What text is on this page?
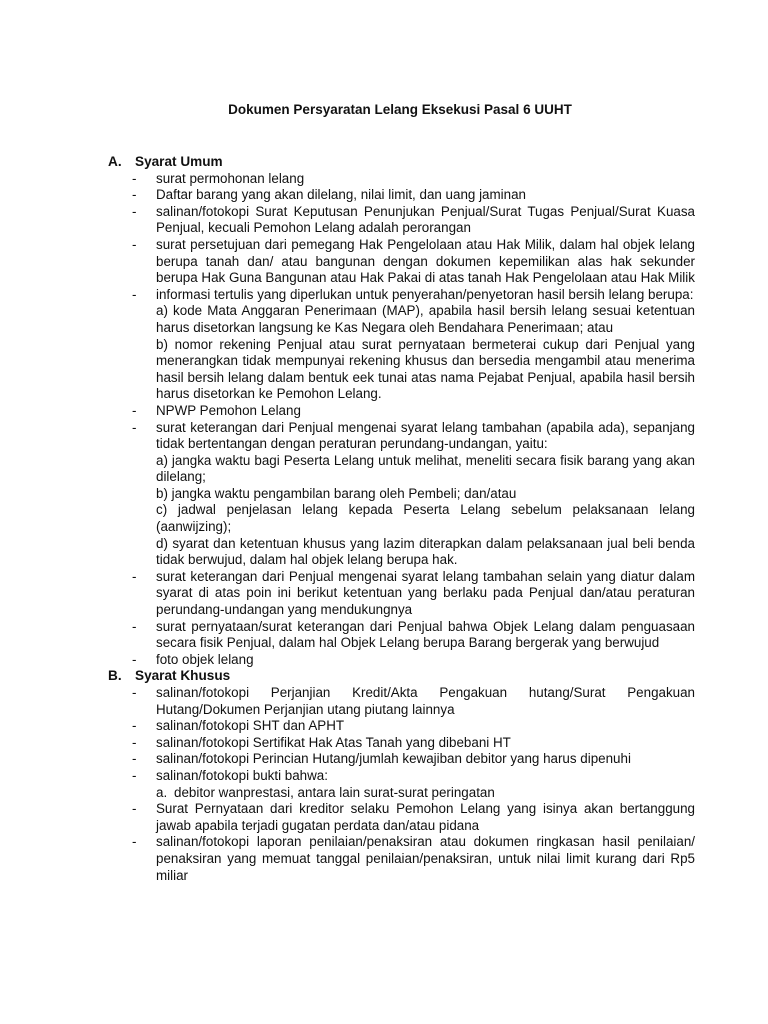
Dokumen Persyaratan Lelang Eksekusi Pasal 6 UUHT
A. Syarat Umum
- surat permohonan lelang
- Daftar barang yang akan dilelang, nilai limit, dan uang jaminan
- salinan/fotokopi Surat Keputusan Penunjukan Penjual/Surat Tugas Penjual/Surat Kuasa Penjual, kecuali Pemohon Lelang adalah perorangan
- surat persetujuan dari pemegang Hak Pengelolaan atau Hak Milik, dalam hal objek lelang berupa tanah dan/ atau bangunan dengan dokumen kepemilikan alas hak sekunder berupa Hak Guna Bangunan atau Hak Pakai di atas tanah Hak Pengelolaan atau Hak Milik
- informasi tertulis yang diperlukan untuk penyerahan/penyetoran hasil bersih lelang berupa:
a) kode Mata Anggaran Penerimaan (MAP), apabila hasil bersih lelang sesuai ketentuan harus disetorkan langsung ke Kas Negara oleh Bendahara Penerimaan; atau
b) nomor rekening Penjual atau surat pernyataan bermeterai cukup dari Penjual yang menerangkan tidak mempunyai rekening khusus dan bersedia mengambil atau menerima hasil bersih lelang dalam bentuk eek tunai atas nama Pejabat Penjual, apabila hasil bersih harus disetorkan ke Pemohon Lelang.
- NPWP Pemohon Lelang
- surat keterangan dari Penjual mengenai syarat lelang tambahan (apabila ada), sepanjang tidak bertentangan dengan peraturan perundang-undangan, yaitu:
a) jangka waktu bagi Peserta Lelang untuk melihat, meneliti secara fisik barang yang akan dilelang;
b) jangka waktu pengambilan barang oleh Pembeli; dan/atau
c) jadwal penjelasan lelang kepada Peserta Lelang sebelum pelaksanaan lelang (aanwijzing);
d) syarat dan ketentuan khusus yang lazim diterapkan dalam pelaksanaan jual beli benda tidak berwujud, dalam hal objek lelang berupa hak.
- surat keterangan dari Penjual mengenai syarat lelang tambahan selain yang diatur dalam syarat di atas poin ini berikut ketentuan yang berlaku pada Penjual dan/atau peraturan perundang-undangan yang mendukungnya
- surat pernyataan/surat keterangan dari Penjual bahwa Objek Lelang dalam penguasaan secara fisik Penjual, dalam hal Objek Lelang berupa Barang bergerak yang berwujud
- foto objek lelang
B. Syarat Khusus
- salinan/fotokopi Perjanjian Kredit/Akta Pengakuan hutang/Surat Pengakuan Hutang/Dokumen Perjanjian utang piutang lainnya
- salinan/fotokopi SHT dan APHT
- salinan/fotokopi Sertifikat Hak Atas Tanah yang dibebani HT
- salinan/fotokopi Perincian Hutang/jumlah kewajiban debitor yang harus dipenuhi
- salinan/fotokopi bukti bahwa:
a. debitor wanprestasi, antara lain surat-surat peringatan
- Surat Pernyataan dari kreditor selaku Pemohon Lelang yang isinya akan bertanggung jawab apabila terjadi gugatan perdata dan/atau pidana
- salinan/fotokopi laporan penilaian/penaksiran atau dokumen ringkasan hasil penilaian/ penaksiran yang memuat tanggal penilaian/penaksiran, untuk nilai limit kurang dari Rp5 miliar
